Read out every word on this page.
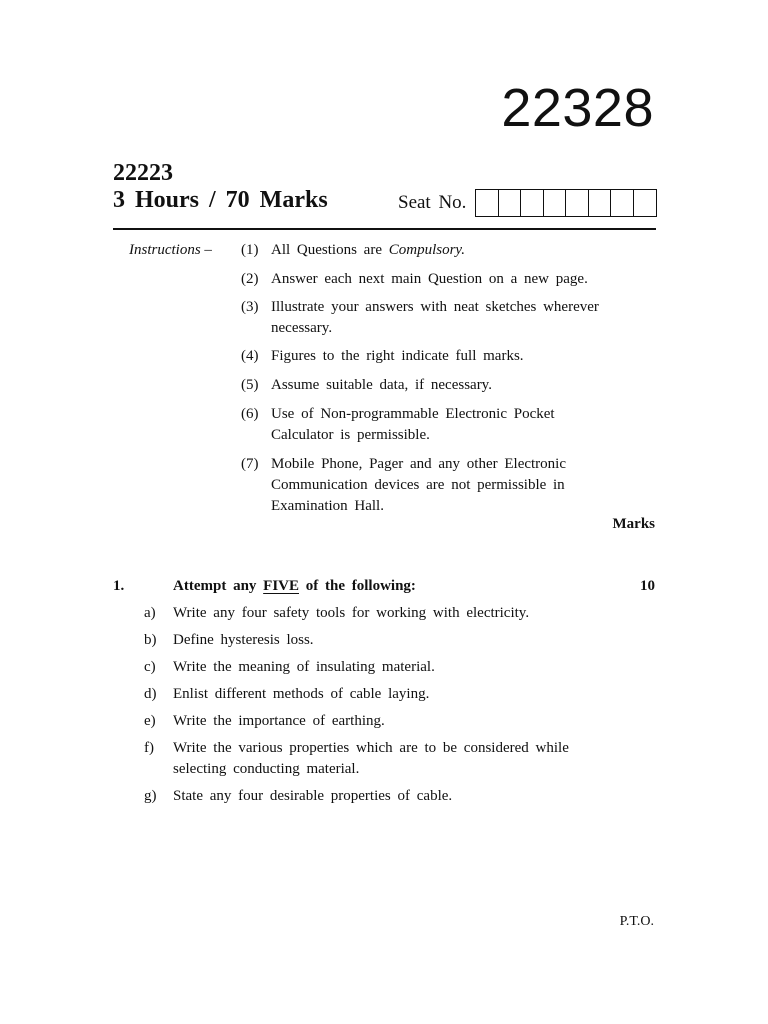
22328
22223
3 Hours / 70 Marks	Seat No.
Instructions – (1) All Questions are Compulsory.
(2) Answer each next main Question on a new page.
(3) Illustrate your answers with neat sketches wherever necessary.
(4) Figures to the right indicate full marks.
(5) Assume suitable data, if necessary.
(6) Use of Non-programmable Electronic Pocket Calculator is permissible.
(7) Mobile Phone, Pager and any other Electronic Communication devices are not permissible in Examination Hall.
Marks
1.	Attempt any FIVE of the following:	10
a)	Write any four safety tools for working with electricity.
b)	Define hysteresis loss.
c)	Write the meaning of insulating material.
d)	Enlist different methods of cable laying.
e)	Write the importance of earthing.
f)	Write the various properties which are to be considered while selecting conducting material.
g)	State any four desirable properties of cable.
P.T.O.
